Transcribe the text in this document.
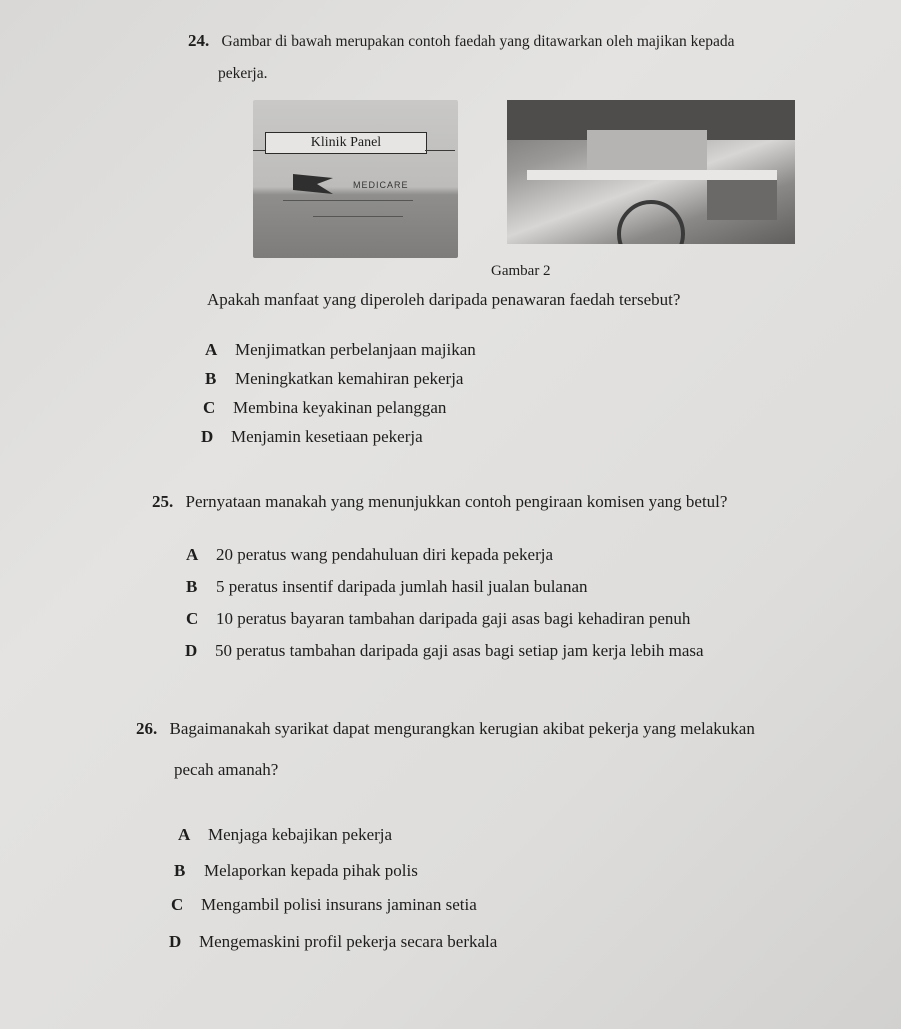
24. Gambar di bawah merupakan contoh faedah yang ditawarkan oleh majikan kepada
pekerja.
Klinik Panel
MEDICARE
Gambar 2
Apakah manfaat yang diperoleh daripada penawaran faedah tersebut?
A Menjimatkan perbelanjaan majikan
B Meningkatkan kemahiran pekerja
C Membina keyakinan pelanggan
D Menjamin kesetiaan pekerja
25. Pernyataan manakah yang menunjukkan contoh pengiraan komisen yang betul?
A 20 peratus wang pendahuluan diri kepada pekerja
B 5 peratus insentif daripada jumlah hasil jualan bulanan
C 10 peratus bayaran tambahan daripada gaji asas bagi kehadiran penuh
D 50 peratus tambahan daripada gaji asas bagi setiap jam kerja lebih masa
26. Bagaimanakah syarikat dapat mengurangkan kerugian akibat pekerja yang melakukan
pecah amanah?
A Menjaga kebajikan pekerja
B Melaporkan kepada pihak polis
C Mengambil polisi insurans jaminan setia
D Mengemaskini profil pekerja secara berkala
